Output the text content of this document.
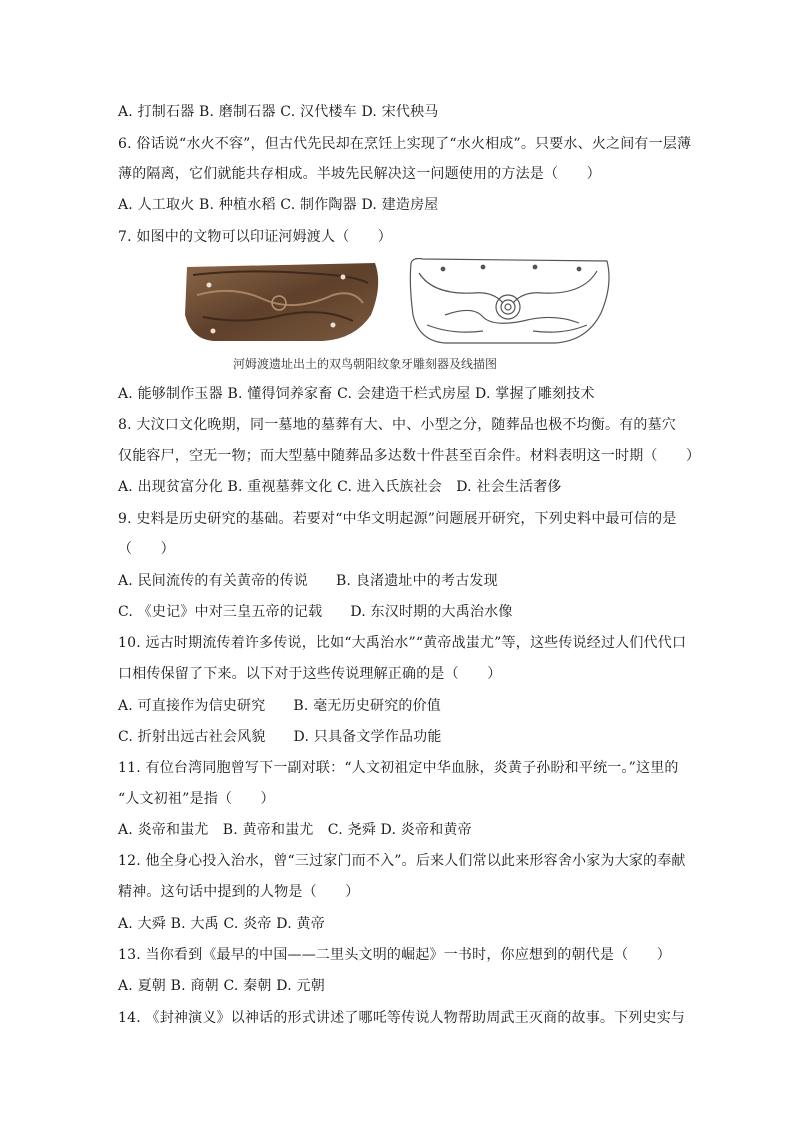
A. 打制石器 B. 磨制石器 C. 汉代楼车 D. 宋代秧马
6. 俗话说“水火不容”，但古代先民却在烹饪上实现了“水火相成”。只要水、火之间有一层薄
薄的隔离，它们就能共存相成。半坡先民解决这一问题使用的方法是（　　）
A. 人工取火 B. 种植水稻 C. 制作陶器 D. 建造房屋
7. 如图中的文物可以印证河姆渡人（　　）
河姆渡遗址出土的双鸟朝阳纹象牙雕刻器及线描图
A. 能够制作玉器 B. 懂得饲养家畜 C. 会建造干栏式房屋 D. 掌握了雕刻技术
8. 大汶口文化晚期，同一墓地的墓葬有大、中、小型之分，随葬品也极不均衡。有的墓穴
仅能容尸，空无一物；而大型墓中随葬品多达数十件甚至百余件。材料表明这一时期（　　）
A. 出现贫富分化 B. 重视墓葬文化 C. 进入氏族社会　D. 社会生活奢侈
9. 史料是历史研究的基础。若要对“中华文明起源”问题展开研究，下列史料中最可信的是
（　　）
A. 民间流传的有关黄帝的传说 B. 良渚遗址中的考古发现
C. 《史记》中对三皇五帝的记载 D. 东汉时期的大禹治水像
10. 远古时期流传着许多传说，比如“大禹治水”“黄帝战蚩尤”等，这些传说经过人们代代口
口相传保留了下来。以下对于这些传说理解正确的是（　　）
A. 可直接作为信史研究 B. 毫无历史研究的价值
C. 折射出远古社会风貌 D. 只具备文学作品功能
11. 有位台湾同胞曾写下一副对联：“人文初祖定中华血脉，炎黄子孙盼和平统一。”这里的
“人文初祖”是指（　　）
A. 炎帝和蚩尤　B. 黄帝和蚩尤　C. 尧舜 D. 炎帝和黄帝
12. 他全身心投入治水，曾“三过家门而不入”。后来人们常以此来形容舍小家为大家的奉献
精神。这句话中提到的人物是（　　）
A. 大舜 B. 大禹 C. 炎帝 D. 黄帝
13. 当你看到《最早的中国——二里头文明的崛起》一书时，你应想到的朝代是（　　）
A. 夏朝 B. 商朝 C. 秦朝 D. 元朝
14. 《封神演义》以神话的形式讲述了哪吒等传说人物帮助周武王灭商的故事。下列史实与
